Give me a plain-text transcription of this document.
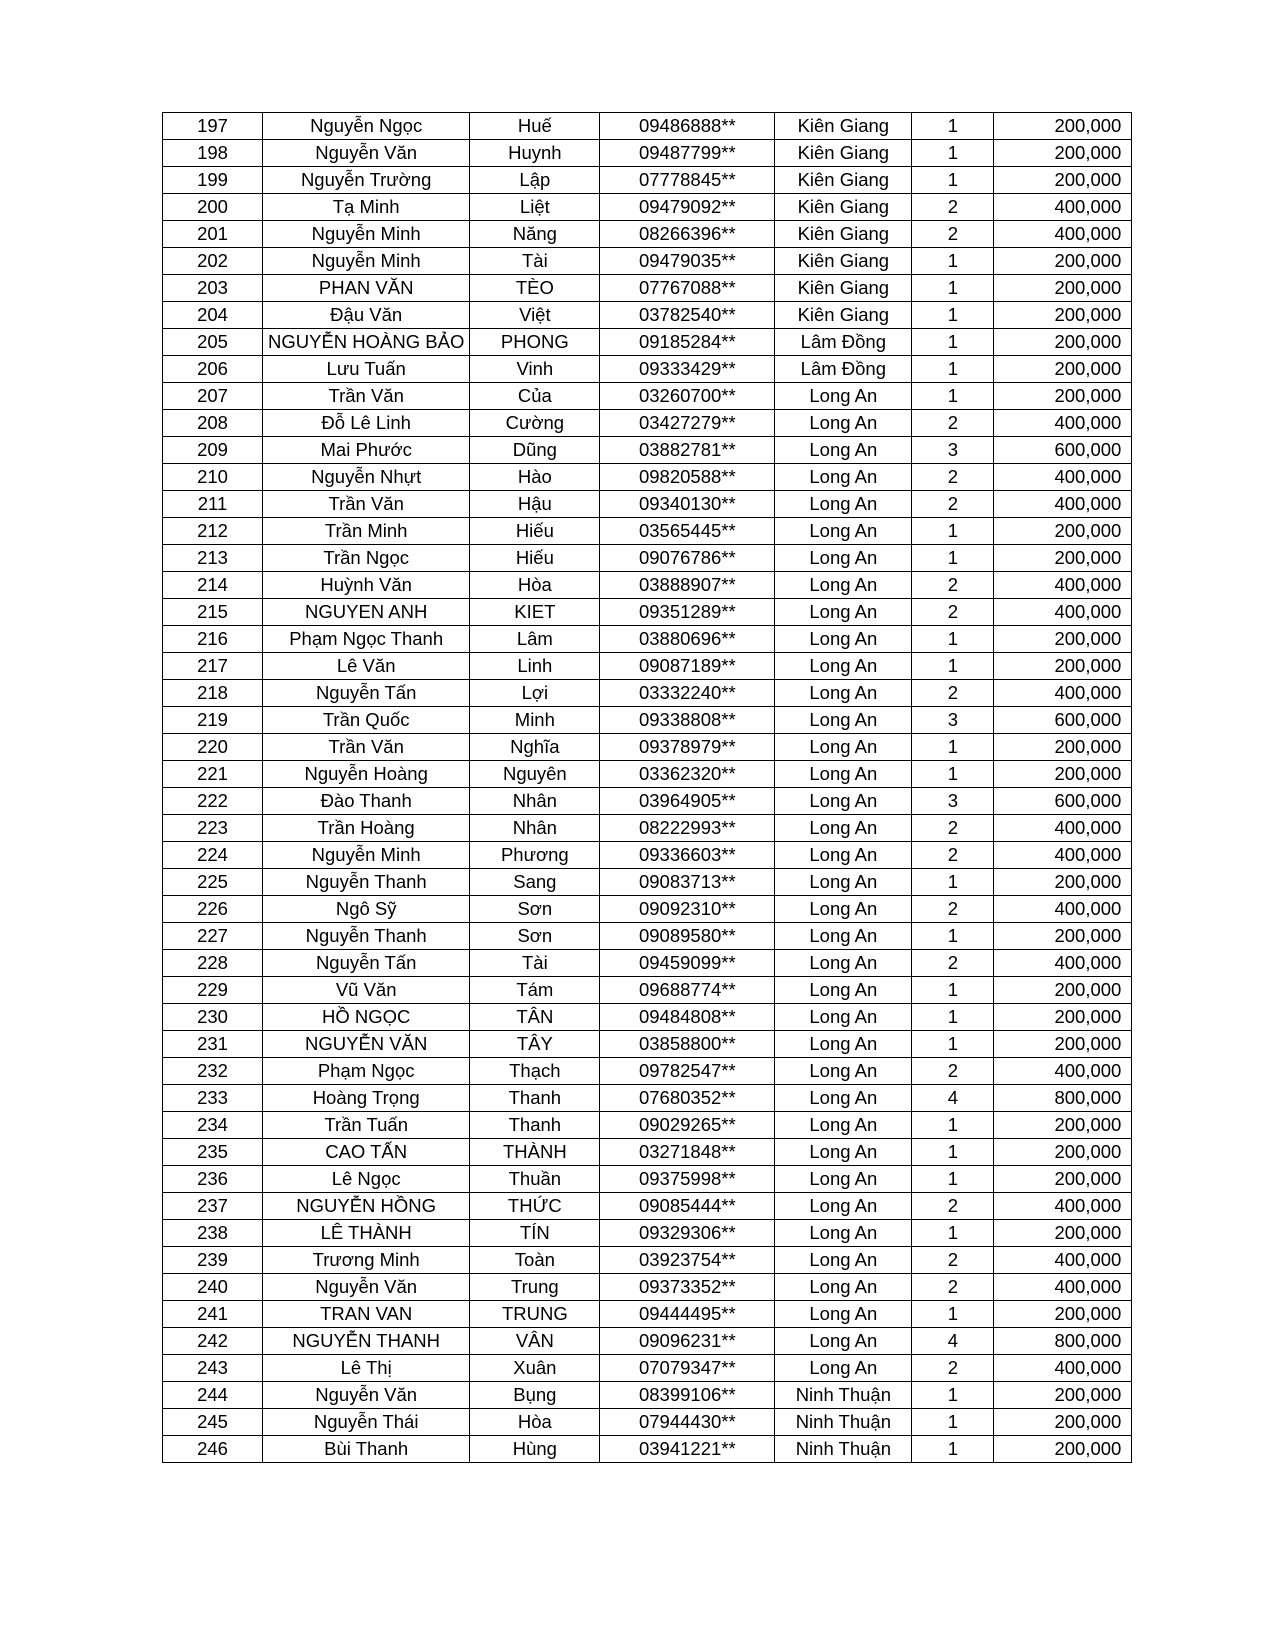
197	Nguyễn Ngọc	Huế	09486888**	Kiên Giang	1	200,000
198	Nguyễn Văn	Huynh	09487799**	Kiên Giang	1	200,000
199	Nguyễn Trường	Lập	07778845**	Kiên Giang	1	200,000
200	Tạ Minh	Liệt	09479092**	Kiên Giang	2	400,000
201	Nguyễn Minh	Năng	08266396**	Kiên Giang	2	400,000
202	Nguyễn Minh	Tài	09479035**	Kiên Giang	1	200,000
203	PHAN VĂN	TÈO	07767088**	Kiên Giang	1	200,000
204	Đậu Văn	Việt	03782540**	Kiên Giang	1	200,000
205	NGUYỄN HOÀNG BẢO	PHONG	09185284**	Lâm Đồng	1	200,000
206	Lưu Tuấn	Vinh	09333429**	Lâm Đồng	1	200,000
207	Trần Văn	Của	03260700**	Long An	1	200,000
208	Đỗ Lê Linh	Cường	03427279**	Long An	2	400,000
209	Mai Phước	Dũng	03882781**	Long An	3	600,000
210	Nguyễn Nhựt	Hào	09820588**	Long An	2	400,000
211	Trần Văn	Hậu	09340130**	Long An	2	400,000
212	Trần Minh	Hiếu	03565445**	Long An	1	200,000
213	Trần Ngọc	Hiếu	09076786**	Long An	1	200,000
214	Huỳnh Văn	Hòa	03888907**	Long An	2	400,000
215	NGUYEN ANH	KIET	09351289**	Long An	2	400,000
216	Phạm Ngọc Thanh	Lâm	03880696**	Long An	1	200,000
217	Lê Văn	Linh	09087189**	Long An	1	200,000
218	Nguyễn Tấn	Lợi	03332240**	Long An	2	400,000
219	Trần Quốc	Minh	09338808**	Long An	3	600,000
220	Trần Văn	Nghĩa	09378979**	Long An	1	200,000
221	Nguyễn Hoàng	Nguyên	03362320**	Long An	1	200,000
222	Đào Thanh	Nhân	03964905**	Long An	3	600,000
223	Trần Hoàng	Nhân	08222993**	Long An	2	400,000
224	Nguyễn Minh	Phương	09336603**	Long An	2	400,000
225	Nguyễn Thanh	Sang	09083713**	Long An	1	200,000
226	Ngô Sỹ	Sơn	09092310**	Long An	2	400,000
227	Nguyễn Thanh	Sơn	09089580**	Long An	1	200,000
228	Nguyễn Tấn	Tài	09459099**	Long An	2	400,000
229	Vũ Văn	Tám	09688774**	Long An	1	200,000
230	HỒ NGỌC	TÂN	09484808**	Long An	1	200,000
231	NGUYỄN VĂN	TÂY	03858800**	Long An	1	200,000
232	Phạm Ngọc	Thạch	09782547**	Long An	2	400,000
233	Hoàng Trọng	Thanh	07680352**	Long An	4	800,000
234	Trần Tuấn	Thanh	09029265**	Long An	1	200,000
235	CAO TẤN	THÀNH	03271848**	Long An	1	200,000
236	Lê Ngọc	Thuần	09375998**	Long An	1	200,000
237	NGUYỄN HỒNG	THỨC	09085444**	Long An	2	400,000
238	LÊ THÀNH	TÍN	09329306**	Long An	1	200,000
239	Trương Minh	Toàn	03923754**	Long An	2	400,000
240	Nguyễn Văn	Trung	09373352**	Long An	2	400,000
241	TRAN VAN	TRUNG	09444495**	Long An	1	200,000
242	NGUYỄN THANH	VÂN	09096231**	Long An	4	800,000
243	Lê Thị	Xuân	07079347**	Long An	2	400,000
244	Nguyễn Văn	Bụng	08399106**	Ninh Thuận	1	200,000
245	Nguyễn Thái	Hòa	07944430**	Ninh Thuận	1	200,000
246	Bùi Thanh	Hùng	03941221**	Ninh Thuận	1	200,000
